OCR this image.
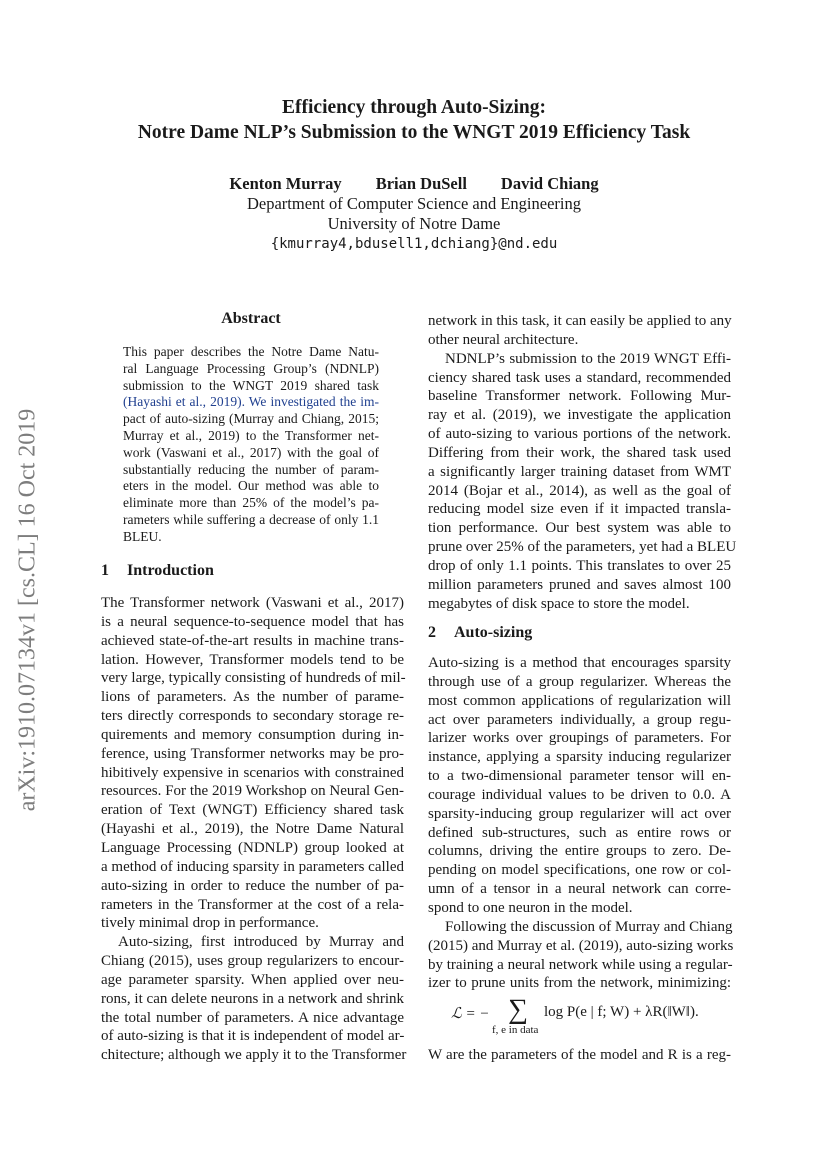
Efficiency through Auto-Sizing:
Notre Dame NLP’s Submission to the WNGT 2019 Efficiency Task
Kenton Murray Brian DuSell David Chiang
Department of Computer Science and Engineering
University of Notre Dame
{kmurray4,bdusell1,dchiang}@nd.edu
arXiv:1910.07134v1 [cs.CL] 16 Oct 2019
Abstract
This paper describes the Notre Dame Natu-
ral Language Processing Group’s (NDNLP)
submission to the WNGT 2019 shared task
(Hayashi et al., 2019). We investigated the im-
pact of auto-sizing (Murray and Chiang, 2015;
Murray et al., 2019) to the Transformer net-
work (Vaswani et al., 2017) with the goal of
substantially reducing the number of param-
eters in the model. Our method was able to
eliminate more than 25% of the model’s pa-
rameters while suffering a decrease of only 1.1
BLEU.
1 Introduction
The Transformer network (Vaswani et al., 2017)
is a neural sequence-to-sequence model that has
achieved state-of-the-art results in machine trans-
lation. However, Transformer models tend to be
very large, typically consisting of hundreds of mil-
lions of parameters. As the number of parame-
ters directly corresponds to secondary storage re-
quirements and memory consumption during in-
ference, using Transformer networks may be pro-
hibitively expensive in scenarios with constrained
resources. For the 2019 Workshop on Neural Gen-
eration of Text (WNGT) Efficiency shared task
(Hayashi et al., 2019), the Notre Dame Natural
Language Processing (NDNLP) group looked at
a method of inducing sparsity in parameters called
auto-sizing in order to reduce the number of pa-
rameters in the Transformer at the cost of a rela-
tively minimal drop in performance.
Auto-sizing, first introduced by Murray and
Chiang (2015), uses group regularizers to encour-
age parameter sparsity. When applied over neu-
rons, it can delete neurons in a network and shrink
the total number of parameters. A nice advantage
of auto-sizing is that it is independent of model ar-
chitecture; although we apply it to the Transformer
network in this task, it can easily be applied to any
other neural architecture.
NDNLP’s submission to the 2019 WNGT Effi-
ciency shared task uses a standard, recommended
baseline Transformer network. Following Mur-
ray et al. (2019), we investigate the application
of auto-sizing to various portions of the network.
Differing from their work, the shared task used
a significantly larger training dataset from WMT
2014 (Bojar et al., 2014), as well as the goal of
reducing model size even if it impacted transla-
tion performance. Our best system was able to
prune over 25% of the parameters, yet had a BLEU
drop of only 1.1 points. This translates to over 25
million parameters pruned and saves almost 100
megabytes of disk space to store the model.
2 Auto-sizing
Auto-sizing is a method that encourages sparsity
through use of a group regularizer. Whereas the
most common applications of regularization will
act over parameters individually, a group regu-
larizer works over groupings of parameters. For
instance, applying a sparsity inducing regularizer
to a two-dimensional parameter tensor will en-
courage individual values to be driven to 0.0. A
sparsity-inducing group regularizer will act over
defined sub-structures, such as entire rows or
columns, driving the entire groups to zero. De-
pending on model specifications, one row or col-
umn of a tensor in a neural network can corre-
spond to one neuron in the model.
Following the discussion of Murray and Chiang
(2015) and Murray et al. (2019), auto-sizing works
by training a neural network while using a regular-
izer to prune units from the network, minimizing:
ℒ = − ∑
f, e in data
log P(e | f; W) + λR(‖W‖).
W are the parameters of the model and R is a reg-
